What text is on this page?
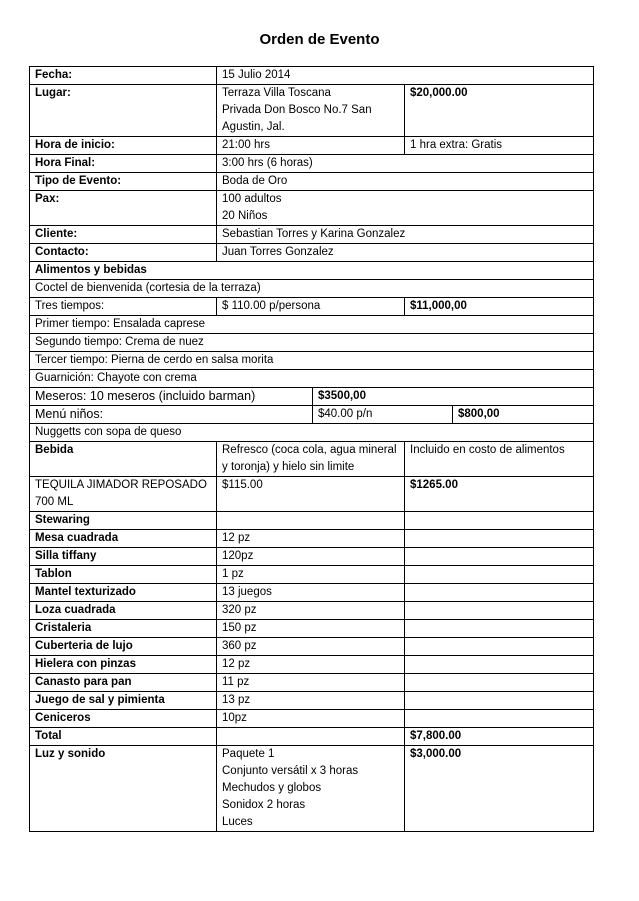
Orden de Evento
Fecha:	15 Julio 2014			
Lugar:	Terraza Villa Toscana
Privada Don Bosco No.7 San Agustin, Jal.		$20,000.00	
Hora de inicio:	21:00 hrs		1 hra extra: Gratis	
Hora Final:	3:00 hrs (6 horas)			
Tipo de Evento:	Boda de Oro			
Pax:	100 adultos
20 Niños			
Cliente:	Sebastian Torres y Karina Gonzalez			
Contacto:	Juan Torres Gonzalez			
Alimentos y bebidas				
Coctel de bienvenida (cortesia de la terraza)				
Tres tiempos:	$ 110.00 p/persona		$11,000,00	
Primer tiempo: Ensalada caprese				
Segundo tiempo: Crema de nuez				
Tercer tiempo: Pierna de cerdo en salsa morita				
Guarnición: Chayote con crema				
Meseros: 10 meseros (incluido barman)		$3500,00		
Menú niños:		$40.00 p/n		$800,00
Nuggetts con sopa de queso				
Bebida	Refresco (coca cola, agua mineral y toronja) y hielo sin limite		Incluido en costo de alimentos	
TEQUILA JIMADOR REPOSADO 700 ML	$115.00		$1265.00	
Stewaring				
Mesa cuadrada	12 pz			
Silla tiffany	120pz			
Tablon	1 pz			
Mantel texturizado	13 juegos			
Loza cuadrada	320 pz			
Cristaleria	150 pz			
Cuberteria de lujo	360 pz			
Hielera con pinzas	12 pz			
Canasto para pan	11 pz			
Juego de sal y pimienta	13 pz			
Ceniceros	10pz			
Total			$7,800.00	
Luz y sonido	Paquete 1
Conjunto versátil x 3 horas
Mechudos y globos
Sonidox 2 horas
Luces		$3,000.00	
